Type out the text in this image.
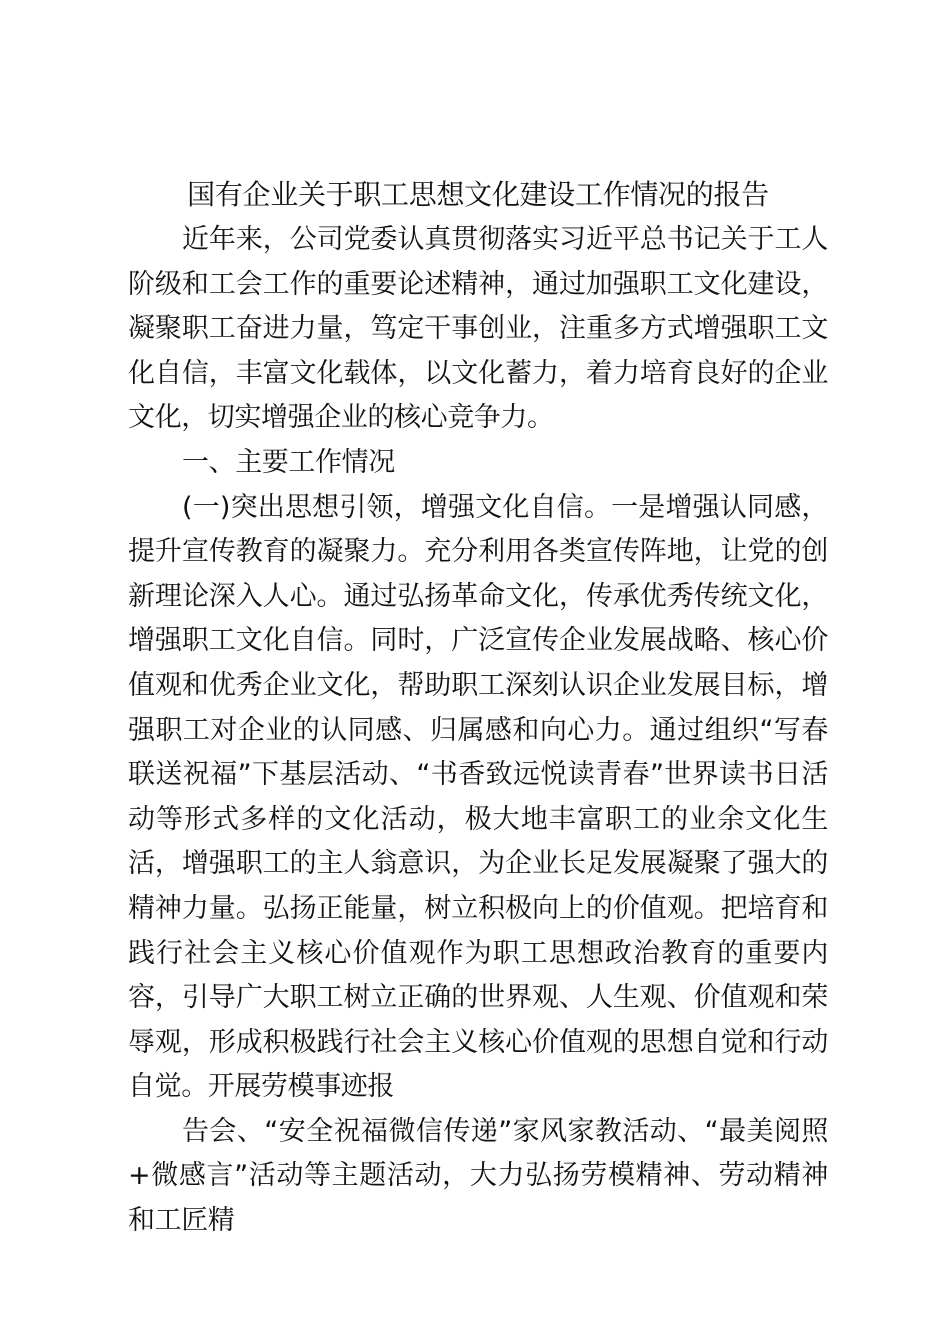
国有企业关于职工思想文化建设工作情况的报告

近年来，公司党委认真贯彻落实习近平总书记关于工人阶级和工会工作的重要论述精神，通过加强职工文化建设，凝聚职工奋进力量，笃定干事创业，注重多方式增强职工文化自信，丰富文化载体，以文化蓄力，着力培育良好的企业文化，切实增强企业的核心竞争力。

一、主要工作情况

(一)突出思想引领，增强文化自信。一是增强认同感，提升宣传教育的凝聚力。充分利用各类宣传阵地，让党的创新理论深入人心。通过弘扬革命文化，传承优秀传统文化，增强职工文化自信。同时，广泛宣传企业发展战略、核心价值观和优秀企业文化，帮助职工深刻认识企业发展目标，增强职工对企业的认同感、归属感和向心力。通过组织“写春联送祝福”下基层活动、“书香致远悦读青春”世界读书日活动等形式多样的文化活动，极大地丰富职工的业余文化生活，增强职工的主人翁意识，为企业长足发展凝聚了强大的精神力量。弘扬正能量，树立积极向上的价值观。把培育和践行社会主义核心价值观作为职工思想政治教育的重要内容，引导广大职工树立正确的世界观、人生观、价值观和荣辱观，形成积极践行社会主义核心价值观的思想自觉和行动自觉。开展劳模事迹报

告会、“安全祝福微信传递”家风家教活动、“最美阅照+微感言”活动等主题活动，大力弘扬劳模精神、劳动精神和工匠精
